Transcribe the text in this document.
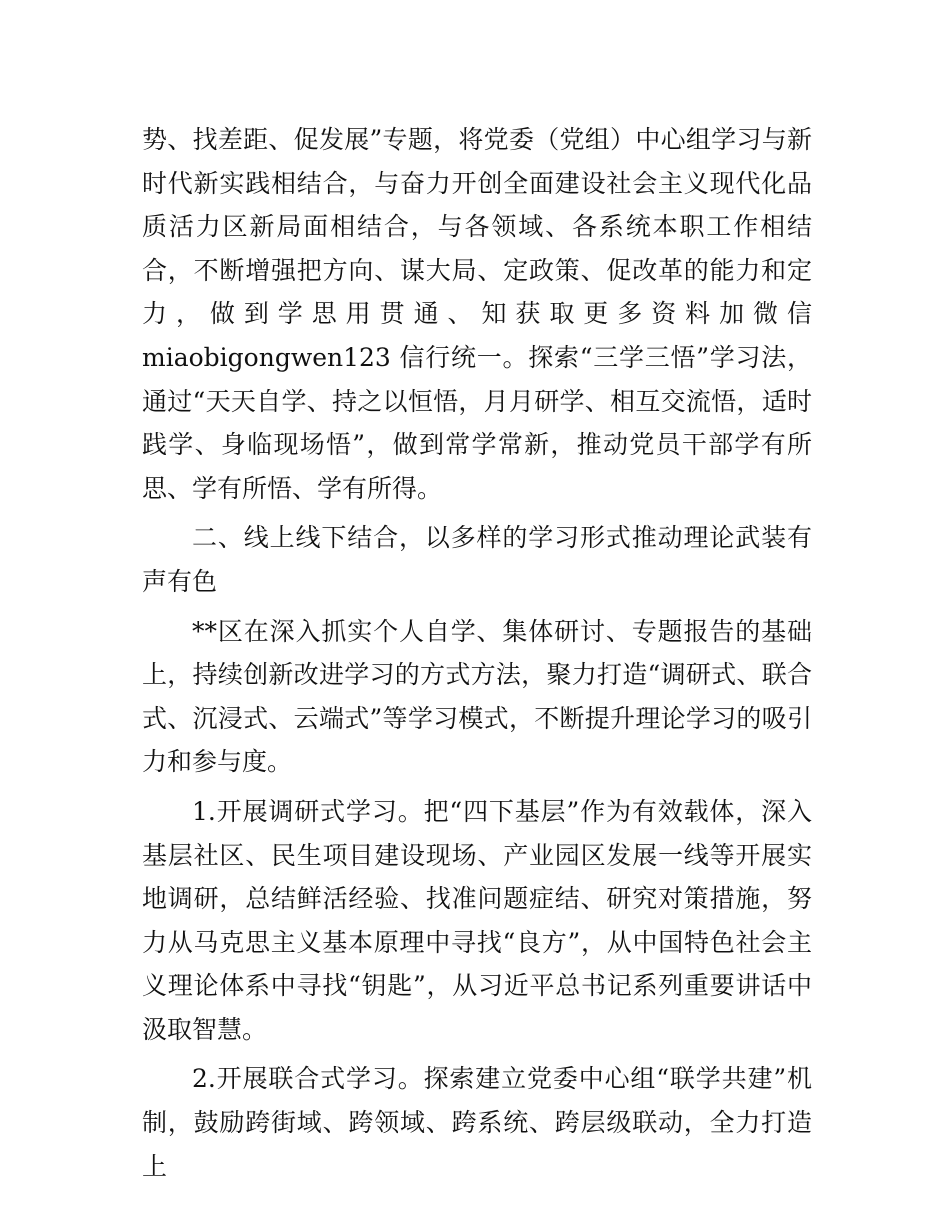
势、找差距、促发展”专题，将党委（党组）中心组学习与新时代新实践相结合，与奋力开创全面建设社会主义现代化品质活力区新局面相结合，与各领域、各系统本职工作相结合，不断增强把方向、谋大局、定政策、促改革的能力和定力，做到学思用贯通、知获取更多资料加微信 miaobigongwen123 信行统一。探索“三学三悟”学习法，通过“天天自学、持之以恒悟，月月研学、相互交流悟，适时践学、身临现场悟”，做到常学常新，推动党员干部学有所思、学有所悟、学有所得。

二、线上线下结合，以多样的学习形式推动理论武装有声有色

**区在深入抓实个人自学、集体研讨、专题报告的基础上，持续创新改进学习的方式方法，聚力打造“调研式、联合式、沉浸式、云端式”等学习模式，不断提升理论学习的吸引力和参与度。

1.开展调研式学习。把“四下基层”作为有效载体，深入基层社区、民生项目建设现场、产业园区发展一线等开展实地调研，总结鲜活经验、找准问题症结、研究对策措施，努力从马克思主义基本原理中寻找“良方”，从中国特色社会主义理论体系中寻找“钥匙”，从习近平总书记系列重要讲话中汲取智慧。

2.开展联合式学习。探索建立党委中心组“联学共建”机制，鼓励跨街域、跨领域、跨系统、跨层级联动，全力打造上
